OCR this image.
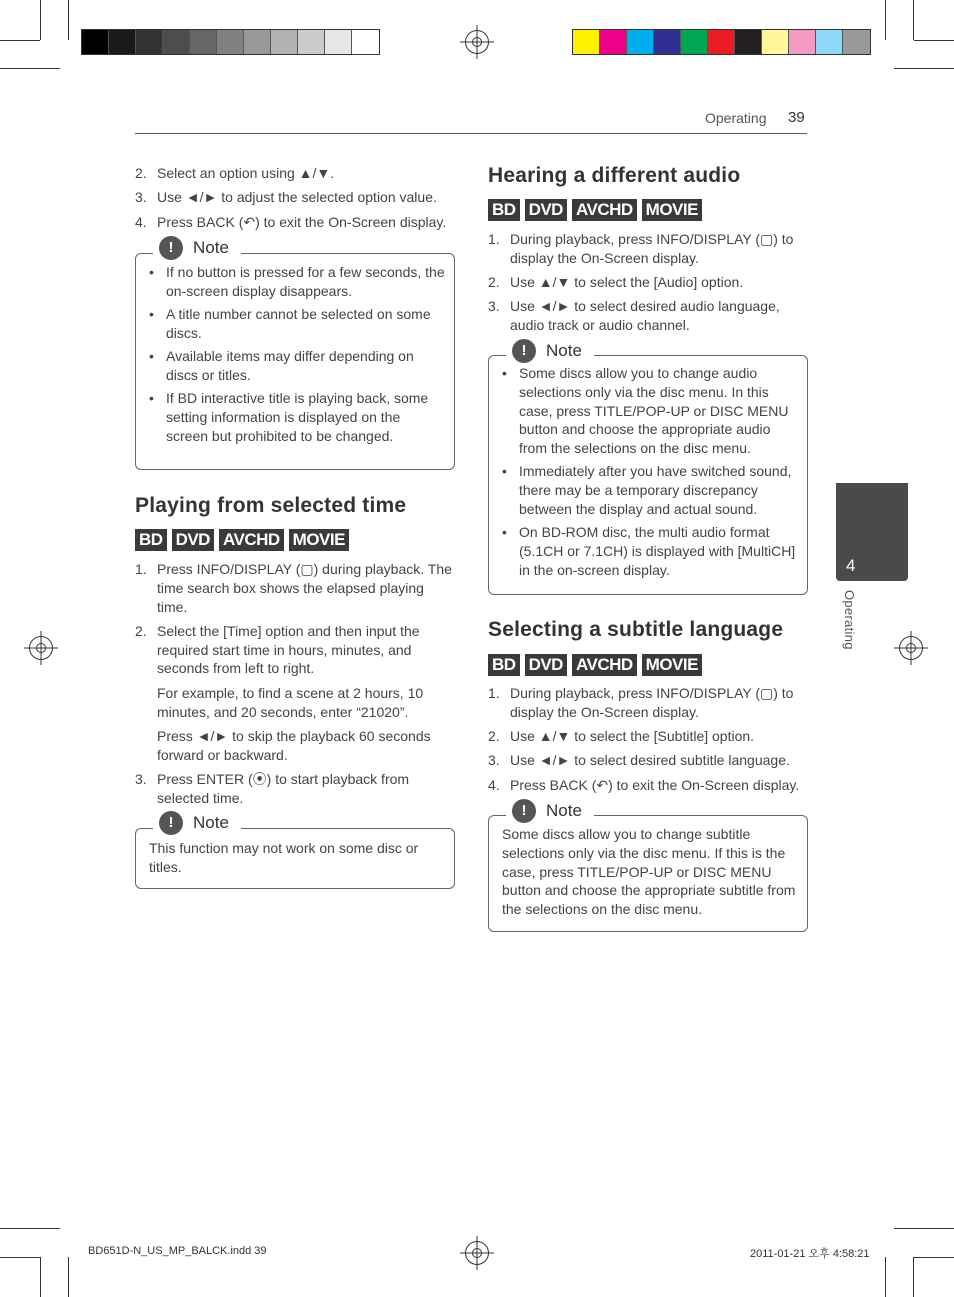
Operating 39
4
Operating
2. Select an option using ▲/▼.
3. Use ◄/► to adjust the selected option value.
4. Press BACK (↶) to exit the On-Screen display.
!	Note
• If no button is pressed for a few seconds, the on-screen display disappears.
• A title number cannot be selected on some discs.
• Available items may differ depending on discs or titles.
• If BD interactive title is playing back, some setting information is displayed on the screen but prohibited to be changed.
Playing from selected time
BD DVD AVCHD MOVIE
1. Press INFO/DISPLAY (▢) during playback. The time search box shows the elapsed playing time.
2. Select the [Time] option and then input the required start time in hours, minutes, and seconds from left to right.
For example, to find a scene at 2 hours, 10 minutes, and 20 seconds, enter “21020”.
Press ◄/► to skip the playback 60 seconds forward or backward.
3. Press ENTER (⦿) to start playback from selected time.
!	Note
This function may not work on some disc or titles.
Hearing a different audio
BD DVD AVCHD MOVIE
1. During playback, press INFO/DISPLAY (▢) to display the On-Screen display.
2. Use ▲/▼ to select the [Audio] option.
3. Use ◄/► to select desired audio language, audio track or audio channel.
!	Note
• Some discs allow you to change audio selections only via the disc menu. In this case, press TITLE/POP-UP or DISC MENU button and choose the appropriate audio from the selections on the disc menu.
• Immediately after you have switched sound, there may be a temporary discrepancy between the display and actual sound.
• On BD-ROM disc, the multi audio format (5.1CH or 7.1CH) is displayed with [MultiCH] in the on-screen display.
Selecting a subtitle language
BD DVD AVCHD MOVIE
1. During playback, press INFO/DISPLAY (▢) to display the On-Screen display.
2. Use ▲/▼ to select the [Subtitle] option.
3. Use ◄/► to select desired subtitle language.
4. Press BACK (↶) to exit the On-Screen display.
!	Note
Some discs allow you to change subtitle selections only via the disc menu. If this is the case, press TITLE/POP-UP or DISC MENU button and choose the appropriate subtitle from the selections on the disc menu.
BD651D-N_US_MP_BALCK.indd 39	2011-01-21 오후 4:58:21
